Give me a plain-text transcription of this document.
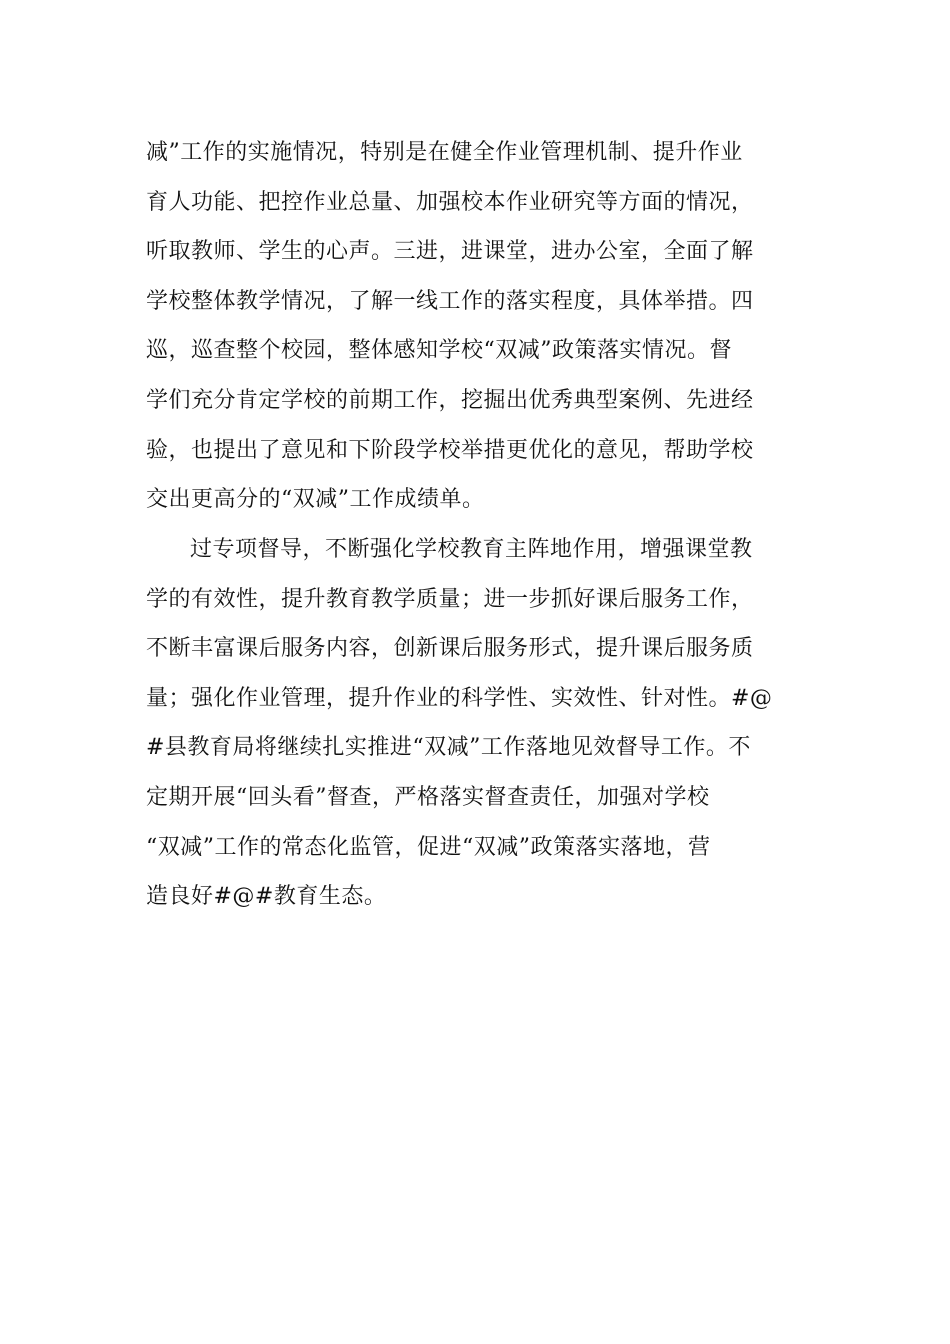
减”工作的实施情况，特别是在健全作业管理机制、提升作业
育人功能、把控作业总量、加强校本作业研究等方面的情况，
听取教师、学生的心声。三进，进课堂，进办公室，全面了解
学校整体教学情况，了解一线工作的落实程度，具体举措。四
巡，巡查整个校园，整体感知学校“双减”政策落实情况。督
学们充分肯定学校的前期工作，挖掘出优秀典型案例、先进经
验，也提出了意见和下阶段学校举措更优化的意见，帮助学校
交出更高分的“双减”工作成绩单。
过专项督导，不断强化学校教育主阵地作用，增强课堂教
学的有效性，提升教育教学质量；进一步抓好课后服务工作，
不断丰富课后服务内容，创新课后服务形式，提升课后服务质
量；强化作业管理，提升作业的科学性、实效性、针对性。#@
#县教育局将继续扎实推进“双减”工作落地见效督导工作。不
定期开展“回头看”督查，严格落实督查责任，加强对学校
“双减”工作的常态化监管，促进“双减”政策落实落地，营
造良好#@#教育生态。
